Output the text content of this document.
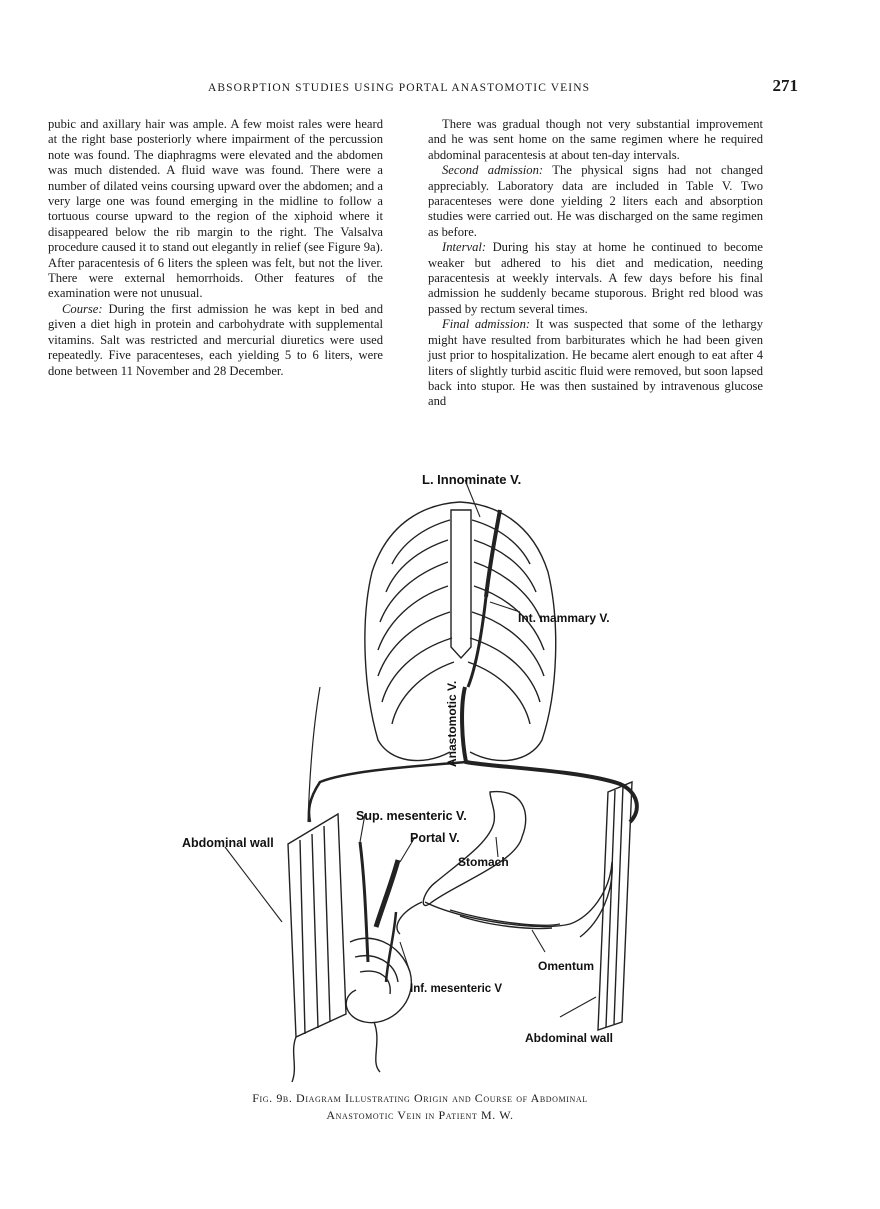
ABSORPTION STUDIES USING PORTAL ANASTOMOTIC VEINS	271

pubic and axillary hair was ample. A few moist rales were heard at the right base posteriorly where impairment of the percussion note was found. The diaphragms were elevated and the abdomen was much distended. A fluid wave was found. There were a number of dilated veins coursing upward over the abdomen; and a very large one was found emerging in the midline to follow a tortuous course upward to the region of the xiphoid where it disappeared below the rib margin to the right. The Valsalva procedure caused it to stand out elegantly in relief (see Figure 9a). After paracentesis of 6 liters the spleen was felt, but not the liver. There were external hemorrhoids. Other features of the examination were not unusual.

Course: During the first admission he was kept in bed and given a diet high in protein and carbohydrate with supplemental vitamins. Salt was restricted and mercurial diuretics were used repeatedly. Five paracenteses, each yielding 5 to 6 liters, were done between 11 November and 28 December.

There was gradual though not very substantial improvement and he was sent home on the same regimen where he required abdominal paracentesis at about ten-day intervals.

Second admission: The physical signs had not changed appreciably. Laboratory data are included in Table V. Two paracenteses were done yielding 2 liters each and absorption studies were carried out. He was discharged on the same regimen as before.

Interval: During his stay at home he continued to become weaker but adhered to his diet and medication, needing paracentesis at weekly intervals. A few days before his final admission he suddenly became stuporous. Bright red blood was passed by rectum several times.

Final admission: It was suspected that some of the lethargy might have resulted from barbiturates which he had been given just prior to hospitalization. He became alert enough to eat after 4 liters of slightly turbid ascitic fluid were removed, but soon lapsed back into stupor. He was then sustained by intravenous glucose and

L. Innominate V.
Int. mammary V.
Anastomotic V.
Sup. mesenteric V.
Portal V.
Abdominal wall
Stomach
Omentum
Inf. mesenteric V
Abdominal wall
Fig. 9b. Diagram Illustrating Origin and Course of Abdominal
Anastomotic Vein in Patient M. W.
